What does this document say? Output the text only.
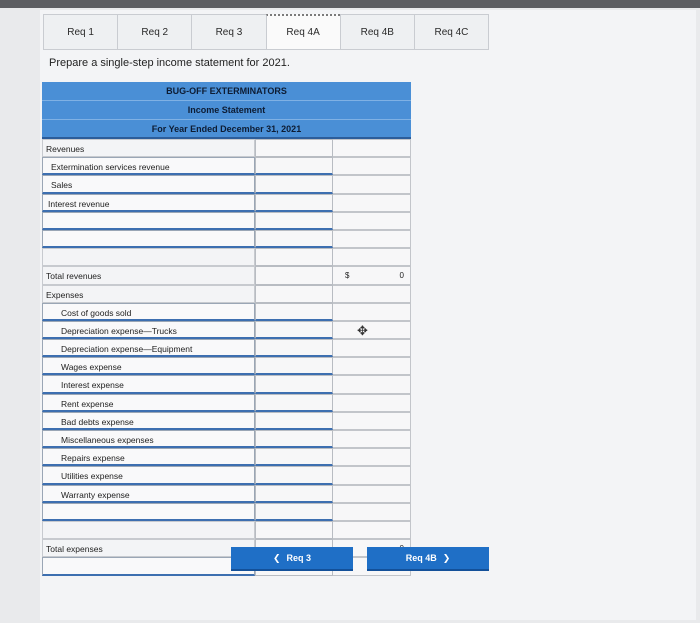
Req 1	Req 2	Req 3	Req 4A	Req 4B	Req 4C
Prepare a single-step income statement for 2021.
BUG-OFF EXTERMINATORS
Income Statement
For Year Ended December 31, 2021
Revenues
Extermination services revenue
Sales
Interest revenue
Total revenues	$	0
Expenses
Cost of goods sold
Depreciation expense—Trucks	✥
Depreciation expense—Equipment
Wages expense
Interest expense
Rent expense
Bad debts expense
Miscellaneous expenses
Repairs expense
Utilities expense
Warranty expense
Total expenses
❮ Req 3	Req 4B ❯
